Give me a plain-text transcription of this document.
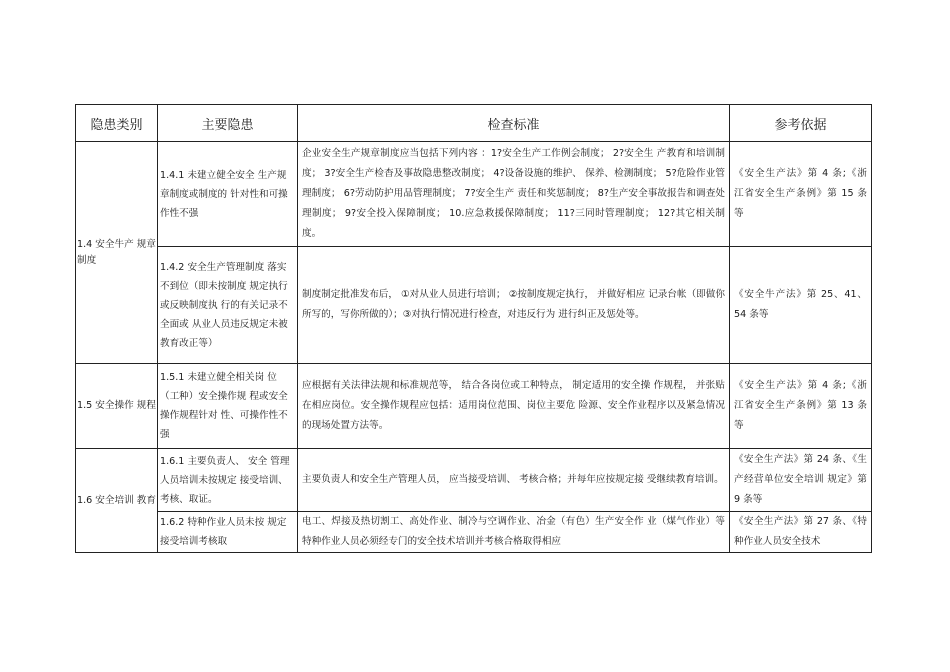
隐患类别	主要隐患	检查标准	参考依据

1.4 安全牛产 规章制度	1.4.1 未建立健全安全 生产规章制度或制度的 针对性和可操作性不强	企业安全生产规章制度应当包括下列内容 ：1?安全生产工作例会制度； 2?安全生 产教育和培训制度； 3?安全生产检杳及事故隐患整改制度； 4?设备设施的维护、 保养、检测制度； 5?危险作业管理制度； 6?劳动防护用品管理制度； 7?安全生产 责任和奖惩制度； 8?生产安全事故报告和调查处理制度； 9?安全投入保障制度； 10.应急救援保障制度； 11?三同时管理制度； 12?其它相关制度。	《安全生产法》第 4 条;《浙 江省安全生产条例》第 15 条等

	1.4.2 安全生产管理制度 落实不到位（即未按制度 规定执行或反映制度执 行的有关记录不全面或 从业人员违反规定未被 教育改正等）	制度制定批准发布后， ①对从业人员进行培训； ②按制度规定执行， 并做好相应 记录台帐（即做你所写的，写你所做的）；③对执行情况进行检查，对违反行为 进行纠正及惩处等。	《安全牛产法》第 25、41、54 条等

1.5 安全操作 规程	1.5.1 未建立健全相关岗 位（工种）安全操作规 程或安全操作规程针对 性、可操作性不强	应根据有关法律法规和标准规范等， 结合各岗位或工种特点， 制定适用的安全操 作规程， 并张贴在相应岗位。安全操作规程应包括：适用岗位范围、岗位主要危 险源、安全作业程序以及紧急情况的现场处置方法等。	《安全生产法》第 4 条;《浙 江省安全生产条例》第 13 条等

1.6 安全培训 教育	1.6.1 主要负责人、 安全 管理人员培训未按规定 接受培训、考核、取证。	主要负责人和安全生产管理人员， 应当接受培训、 考核合格；并每年应按规定接 受继续教育培训。	《安全生产法》第 24 条、《生产经营单位安全培训 规定》第 9 条等

	1.6.2 特种作业人员未按 规定接受培训考核取	电工、焊接及热切割工、高处作业、制冷与空调作业、冶金（有色）生产安全作 业（煤气作业）等特种作业人员必须经专门的安全技术培训并考核合格取得相应	《安全生产法》第 27 条、《特种作业人员安全技术
